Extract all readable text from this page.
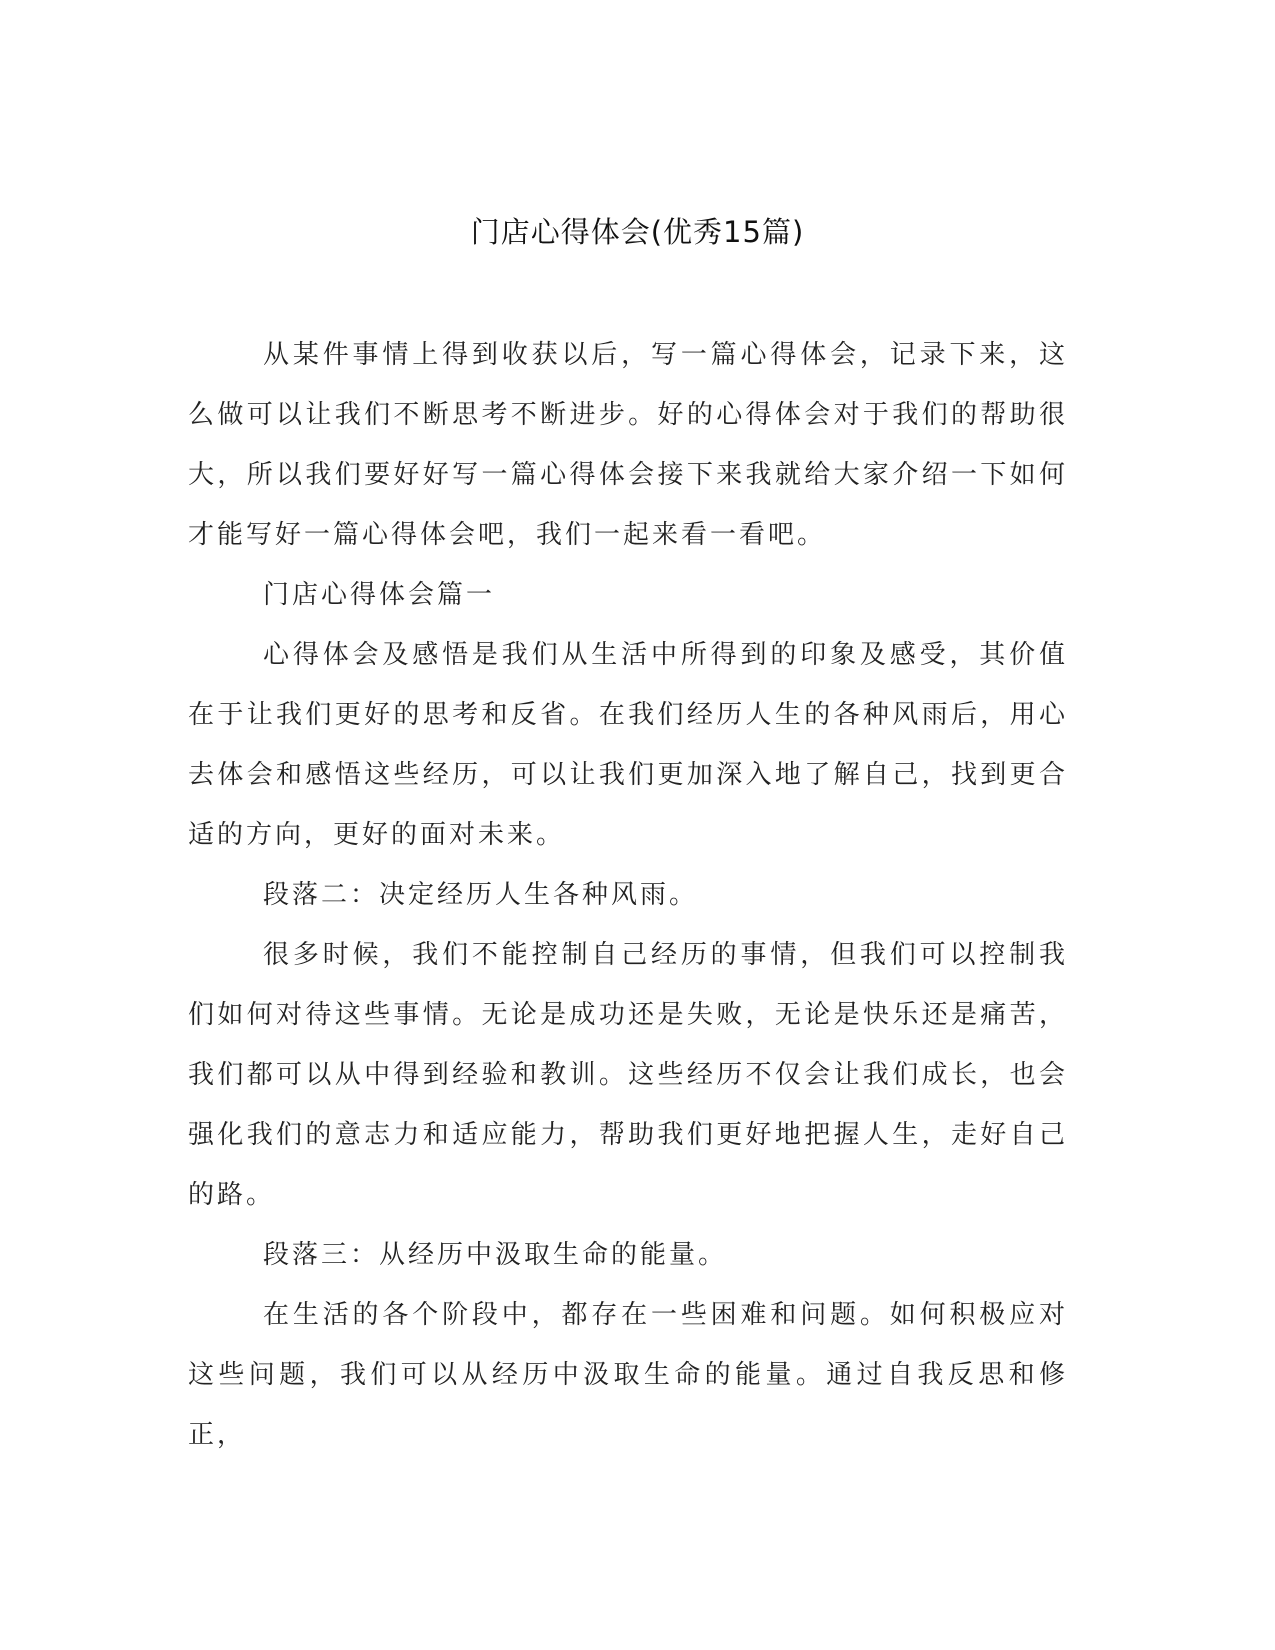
门店心得体会(优秀15篇)

从某件事情上得到收获以后，写一篇心得体会，记录下来，这么做可以让我们不断思考不断进步。好的心得体会对于我们的帮助很大，所以我们要好好写一篇心得体会接下来我就给大家介绍一下如何才能写好一篇心得体会吧，我们一起来看一看吧。

门店心得体会篇一

心得体会及感悟是我们从生活中所得到的印象及感受，其价值在于让我们更好的思考和反省。在我们经历人生的各种风雨后，用心去体会和感悟这些经历，可以让我们更加深入地了解自己，找到更合适的方向，更好的面对未来。

段落二：决定经历人生各种风雨。

很多时候，我们不能控制自己经历的事情，但我们可以控制我们如何对待这些事情。无论是成功还是失败，无论是快乐还是痛苦，我们都可以从中得到经验和教训。这些经历不仅会让我们成长，也会强化我们的意志力和适应能力，帮助我们更好地把握人生，走好自己的路。

段落三：从经历中汲取生命的能量。

在生活的各个阶段中，都存在一些困难和问题。如何积极应对这些问题，我们可以从经历中汲取生命的能量。通过自我反思和修正，
